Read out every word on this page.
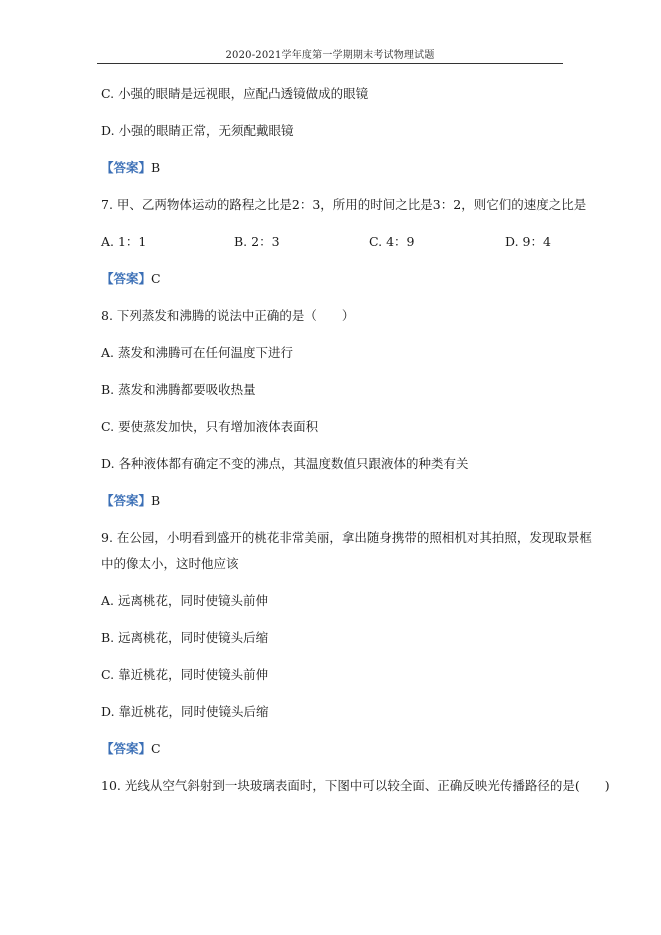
2020-2021学年度第一学期期末考试物理试题
C. 小强的眼睛是远视眼，应配凸透镜做成的眼镜
D. 小强的眼睛正常，无须配戴眼镜
【答案】B
7. 甲、乙两物体运动的路程之比是2：3，所用的时间之比是3：2，则它们的速度之比是
A. 1：1	B. 2：3	C. 4：9	D. 9：4
【答案】C
8. 下列蒸发和沸腾的说法中正确的是（　　）
A. 蒸发和沸腾可在任何温度下进行
B. 蒸发和沸腾都要吸收热量
C. 要使蒸发加快，只有增加液体表面积
D. 各种液体都有确定不变的沸点，其温度数值只跟液体的种类有关
【答案】B
9. 在公园，小明看到盛开的桃花非常美丽，拿出随身携带的照相机对其拍照，发现取景框
中的像太小，这时他应该
A. 远离桃花，同时使镜头前伸
B. 远离桃花，同时使镜头后缩
C. 靠近桃花，同时使镜头前伸
D. 靠近桃花，同时使镜头后缩
【答案】C
10. 光线从空气斜射到一块玻璃表面时，下图中可以较全面、正确反映光传播路径的是(　　)
